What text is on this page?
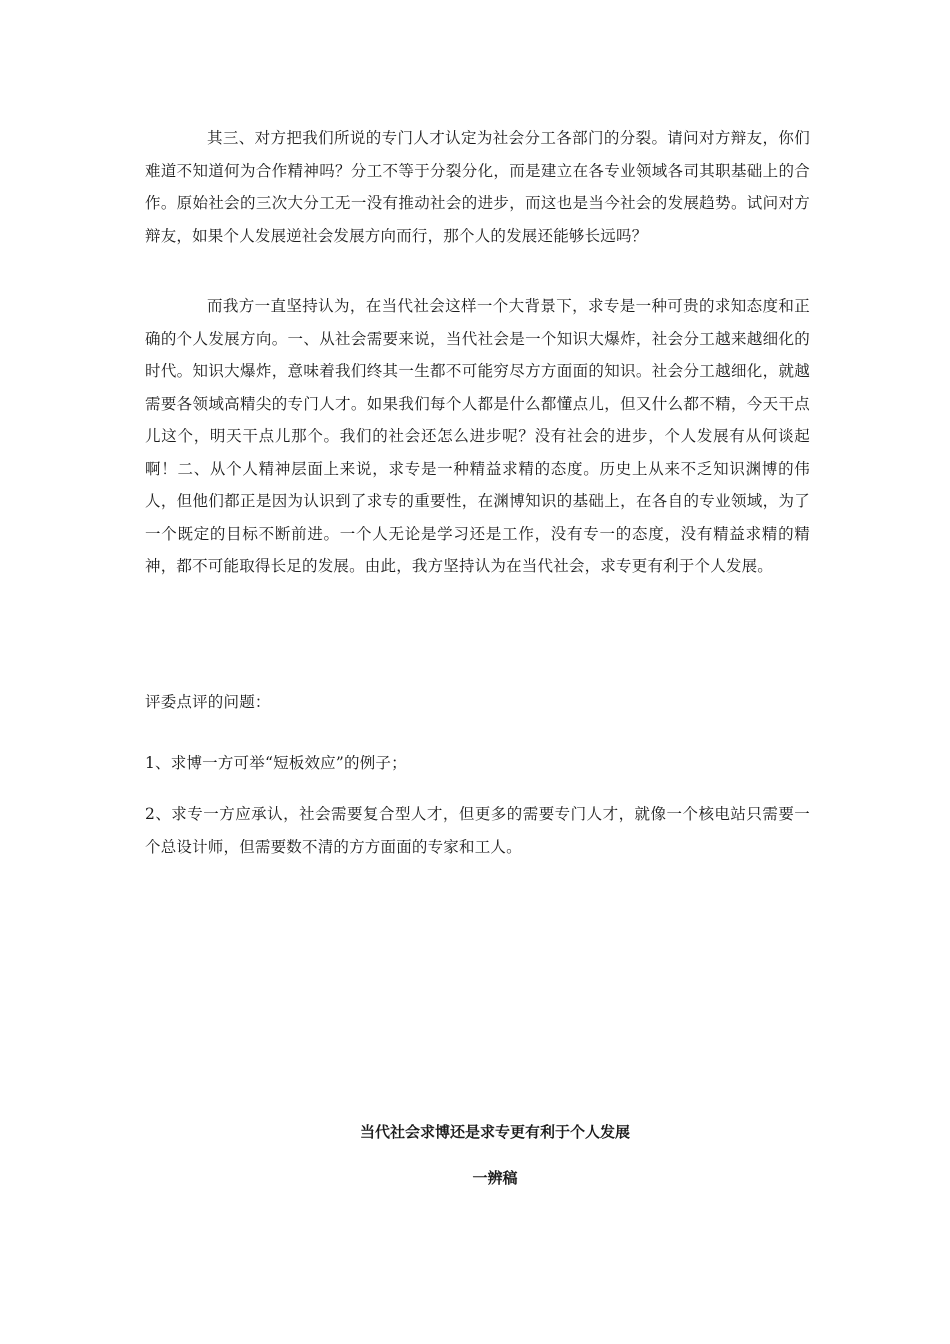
其三、对方把我们所说的专门人才认定为社会分工各部门的分裂。请问对方辩友，你们难道不知道何为合作精神吗？分工不等于分裂分化，而是建立在各专业领域各司其职基础上的合作。原始社会的三次大分工无一没有推动社会的进步，而这也是当今社会的发展趋势。试问对方辩友，如果个人发展逆社会发展方向而行，那个人的发展还能够长远吗？

而我方一直坚持认为，在当代社会这样一个大背景下，求专是一种可贵的求知态度和正确的个人发展方向。一、从社会需要来说，当代社会是一个知识大爆炸，社会分工越来越细化的时代。知识大爆炸，意味着我们终其一生都不可能穷尽方方面面的知识。社会分工越细化，就越需要各领域高精尖的专门人才。如果我们每个人都是什么都懂点儿，但又什么都不精，今天干点儿这个，明天干点儿那个。我们的社会还怎么进步呢？没有社会的进步，个人发展有从何谈起啊！二、从个人精神层面上来说，求专是一种精益求精的态度。历史上从来不乏知识渊博的伟人，但他们都正是因为认识到了求专的重要性，在渊博知识的基础上，在各自的专业领域，为了一个既定的目标不断前进。一个人无论是学习还是工作，没有专一的态度，没有精益求精的精神，都不可能取得长足的发展。由此，我方坚持认为在当代社会，求专更有利于个人发展。

评委点评的问题：

1、求博一方可举“短板效应”的例子；

2、求专一方应承认，社会需要复合型人才，但更多的需要专门人才，就像一个核电站只需要一个总设计师，但需要数不清的方方面面的专家和工人。

当代社会求博还是求专更有利于个人发展

一辨稿
